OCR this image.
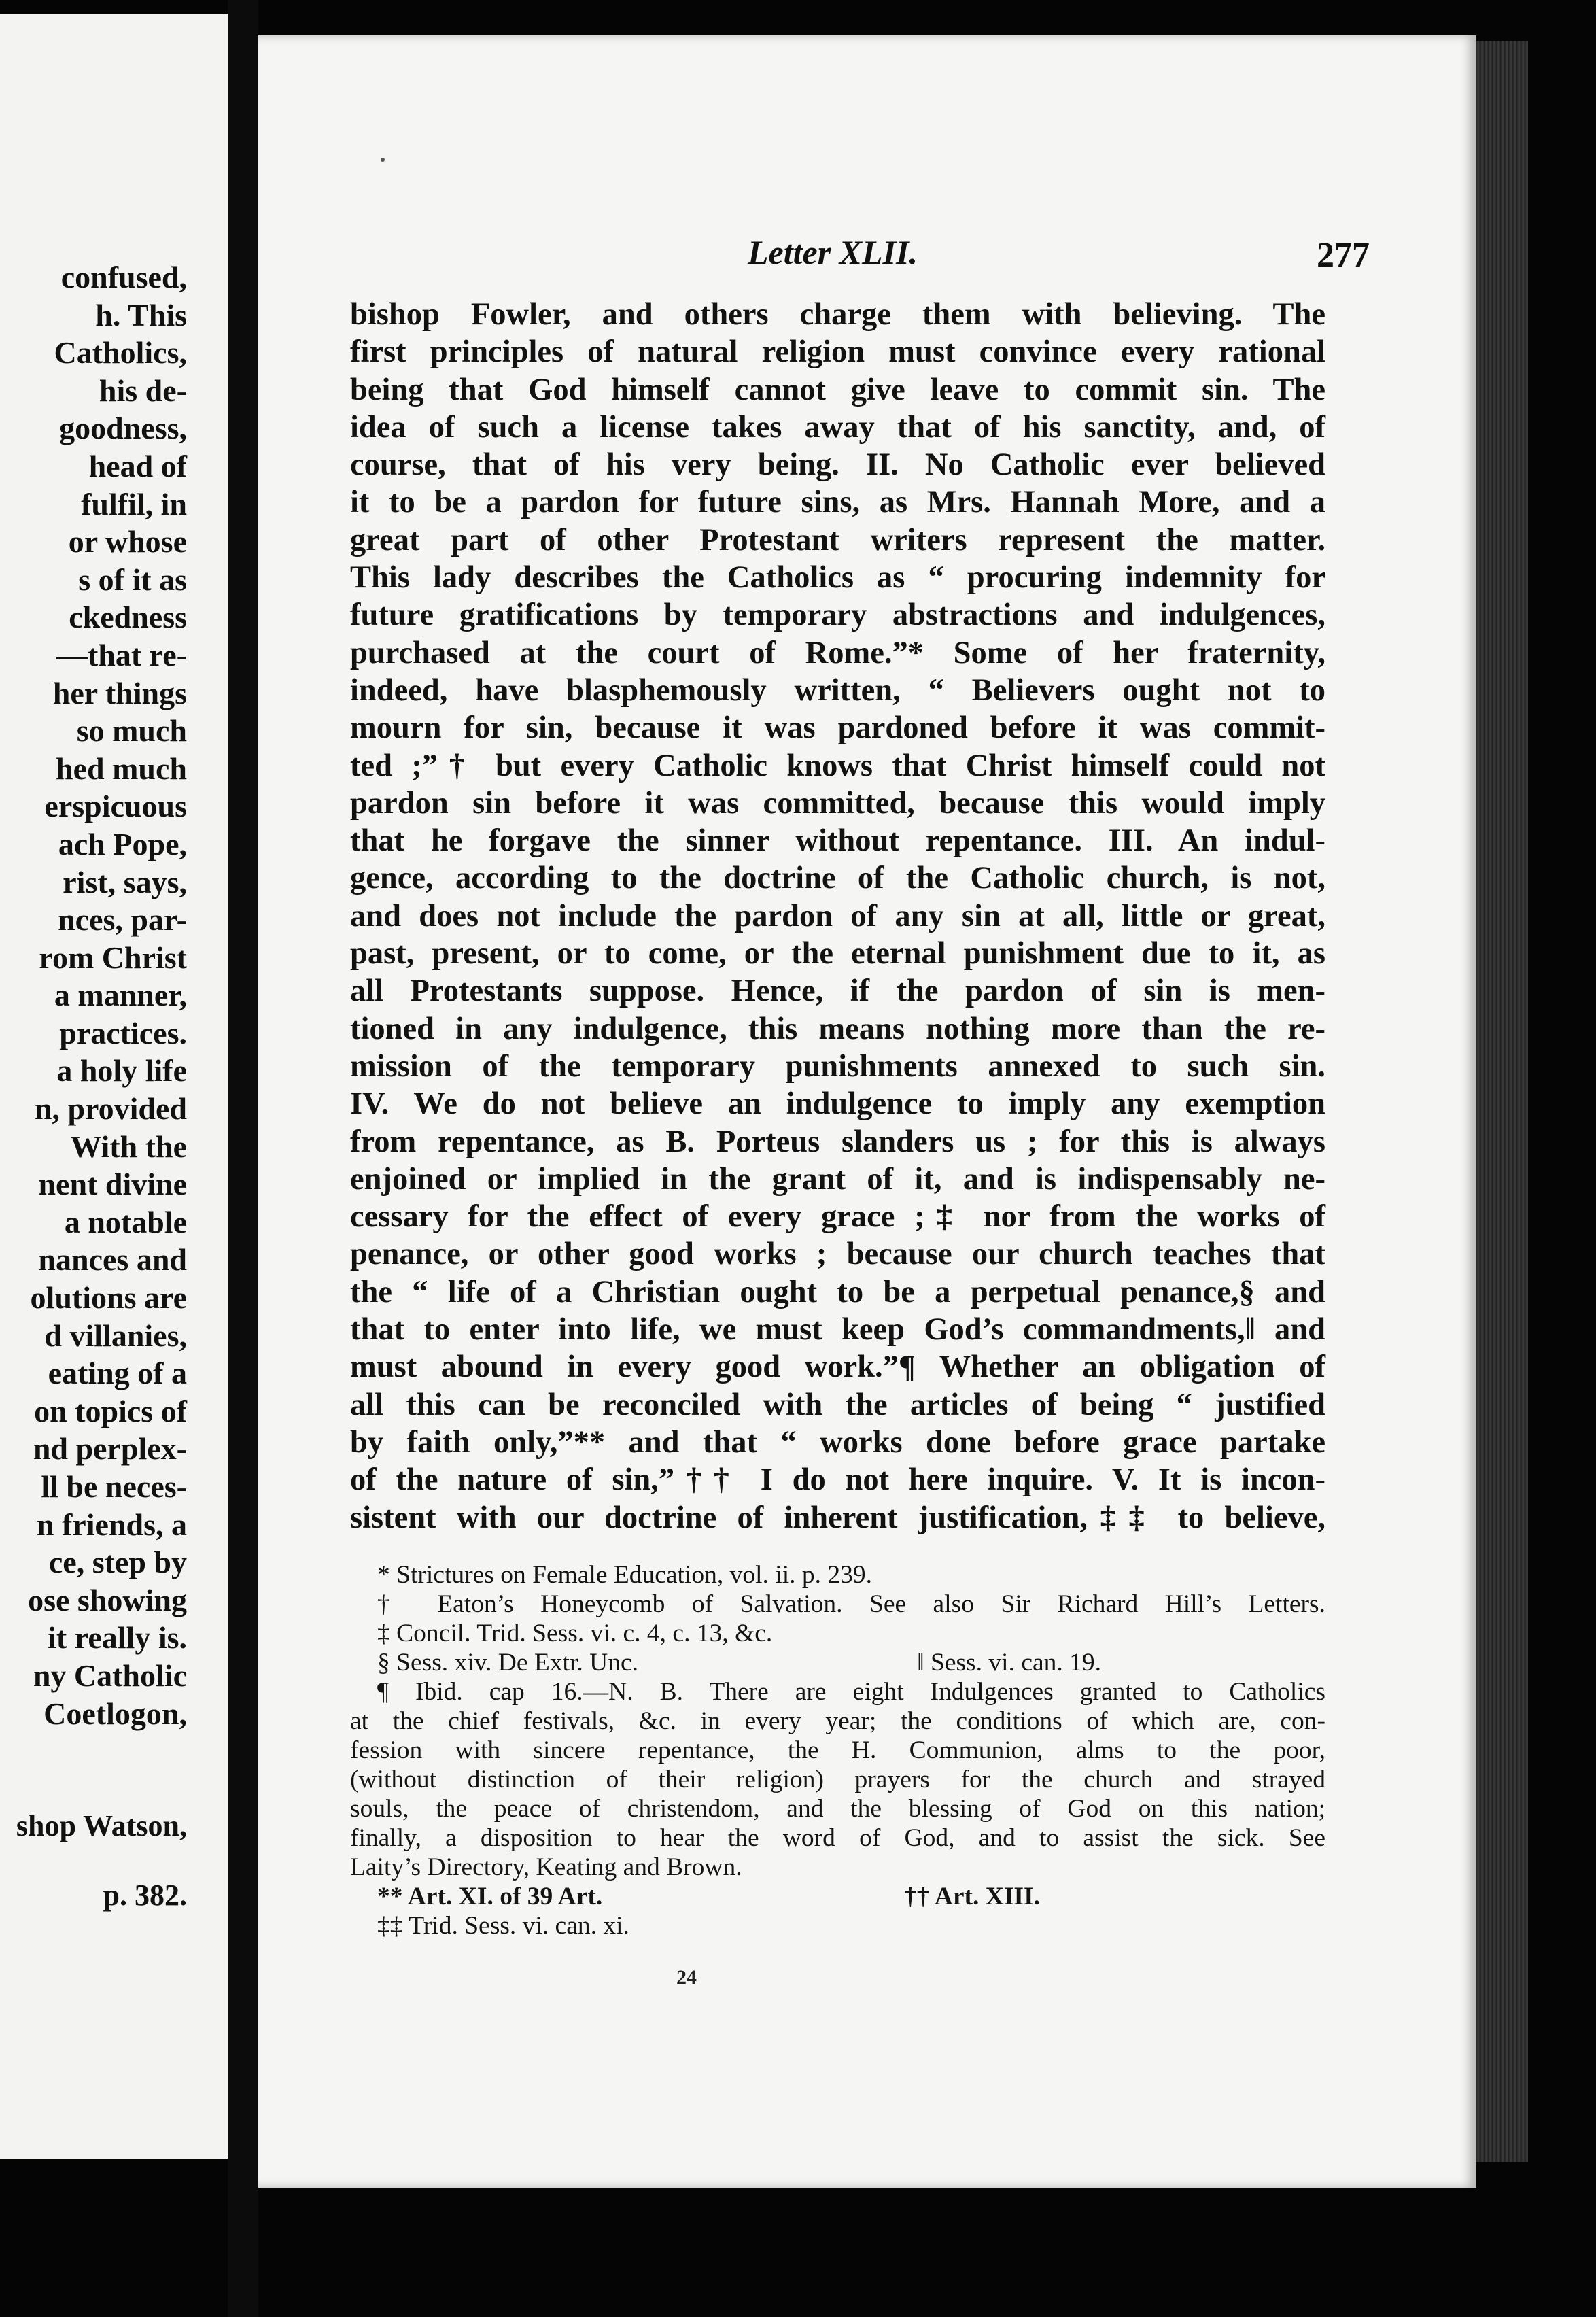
confused,
h. This
Catholics,
his de-
goodness,
head of
fulfil, in
or whose
s of it as
ckedness
—that re-
her things
so much
hed much
erspicuous
ach Pope,
rist, says,
nces, par-
rom Christ
a manner,
practices.
a holy life
n, provided
With the
nent divine
a notable
nances and
olutions are
d villanies,
eating of a
on topics of
nd perplex-
ll be neces-
n friends, a
ce, step by
ose showing
it really is.
ny Catholic
Coetlogon,
shop Watson,
p. 382.
Letter XLII.	277
bishop Fowler, and others charge them with believing. The
first principles of natural religion must convince every rational
being that God himself cannot give leave to commit sin. The
idea of such a license takes away that of his sanctity, and, of
course, that of his very being. II. No Catholic ever believed
it to be a pardon for future sins, as Mrs. Hannah More, and a
great part of other Protestant writers represent the matter.
This lady describes the Catholics as “ procuring indemnity for
future gratifications by temporary abstractions and indulgences,
purchased at the court of Rome.”* Some of her fraternity,
indeed, have blasphemously written, “ Believers ought not to
mourn for sin, because it was pardoned before it was commit-
ted ;”† but every Catholic knows that Christ himself could not
pardon sin before it was committed, because this would imply
that he forgave the sinner without repentance. III. An indul-
gence, according to the doctrine of the Catholic church, is not,
and does not include the pardon of any sin at all, little or great,
past, present, or to come, or the eternal punishment due to it, as
all Protestants suppose. Hence, if the pardon of sin is men-
tioned in any indulgence, this means nothing more than the re-
mission of the temporary punishments annexed to such sin.
IV. We do not believe an indulgence to imply any exemption
from repentance, as B. Porteus slanders us ; for this is always
enjoined or implied in the grant of it, and is indispensably ne-
cessary for the effect of every grace ;‡ nor from the works of
penance, or other good works ; because our church teaches that
the “ life of a Christian ought to be a perpetual penance,§ and
that to enter into life, we must keep God’s commandments,‖ and
must abound in every good work.”¶ Whether an obligation of
all this can be reconciled with the articles of being “ justified
by faith only,”** and that “ works done before grace partake
of the nature of sin,”†† I do not here inquire. V. It is incon-
sistent with our doctrine of inherent justification,‡‡ to believe,
* Strictures on Female Education, vol. ii. p. 239.
† Eaton’s Honeycomb of Salvation. See also Sir Richard Hill’s Letters.
‡ Concil. Trid. Sess. vi. c. 4, c. 13, &c.
§ Sess. xiv. De Extr. Unc.	‖ Sess. vi. can. 19.
¶ Ibid. cap 16.—N. B. There are eight Indulgences granted to Catholics
at the chief festivals, &c. in every year; the conditions of which are, con-
fession with sincere repentance, the H. Communion, alms to the poor,
(without distinction of their religion) prayers for the church and strayed
souls, the peace of christendom, and the blessing of God on this nation;
finally, a disposition to hear the word of God, and to assist the sick. See
Laity’s Directory, Keating and Brown.
** Art. XI. of 39 Art.	†† Art. XIII.
‡‡ Trid. Sess. vi. can. xi.
24
